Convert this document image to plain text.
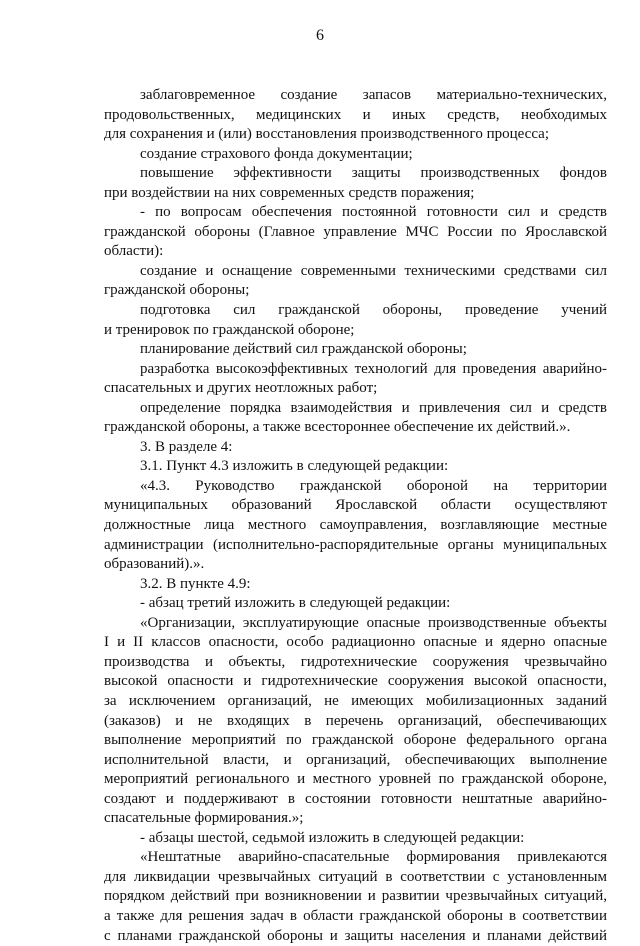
6
заблаговременное создание запасов материально-технических,
продовольственных, медицинских и иных средств, необходимых
для сохранения и (или) восстановления производственного процесса;
создание страхового фонда документации;
повышение эффективности защиты производственных фондов
при воздействии на них современных средств поражения;
- по вопросам обеспечения постоянной готовности сил и средств
гражданской обороны (Главное управление МЧС России по Ярославской
области):
создание и оснащение современными техническими средствами сил
гражданской обороны;
подготовка сил гражданской обороны, проведение учений
и тренировок по гражданской обороне;
планирование действий сил гражданской обороны;
разработка высокоэффективных технологий для проведения аварийно-
спасательных и других неотложных работ;
определение порядка взаимодействия и привлечения сил и средств
гражданской обороны, а также всестороннее обеспечение их действий.».
3. В разделе 4:
3.1. Пункт 4.3 изложить в следующей редакции:
«4.3. Руководство гражданской обороной на территории
муниципальных образований Ярославской области осуществляют
должностные лица местного самоуправления, возглавляющие местные
администрации (исполнительно-распорядительные органы муниципальных
образований).».
3.2. В пункте 4.9:
- абзац третий изложить в следующей редакции:
«Организации, эксплуатирующие опасные производственные объекты
I и II классов опасности, особо радиационно опасные и ядерно опасные
производства и объекты, гидротехнические сооружения чрезвычайно
высокой опасности и гидротехнические сооружения высокой опасности,
за исключением организаций, не имеющих мобилизационных заданий
(заказов) и не входящих в перечень организаций, обеспечивающих
выполнение мероприятий по гражданской обороне федерального органа
исполнительной власти, и организаций, обеспечивающих выполнение
мероприятий регионального и местного уровней по гражданской обороне,
создают и поддерживают в состоянии готовности нештатные аварийно-
спасательные формирования.»;
- абзацы шестой, седьмой изложить в следующей редакции:
«Нештатные аварийно-спасательные формирования привлекаются
для ликвидации чрезвычайных ситуаций в соответствии с установленным
порядком действий при возникновении и развитии чрезвычайных ситуаций,
а также для решения задач в области гражданской обороны в соответствии
с планами гражданской обороны и защиты населения и планами действий
